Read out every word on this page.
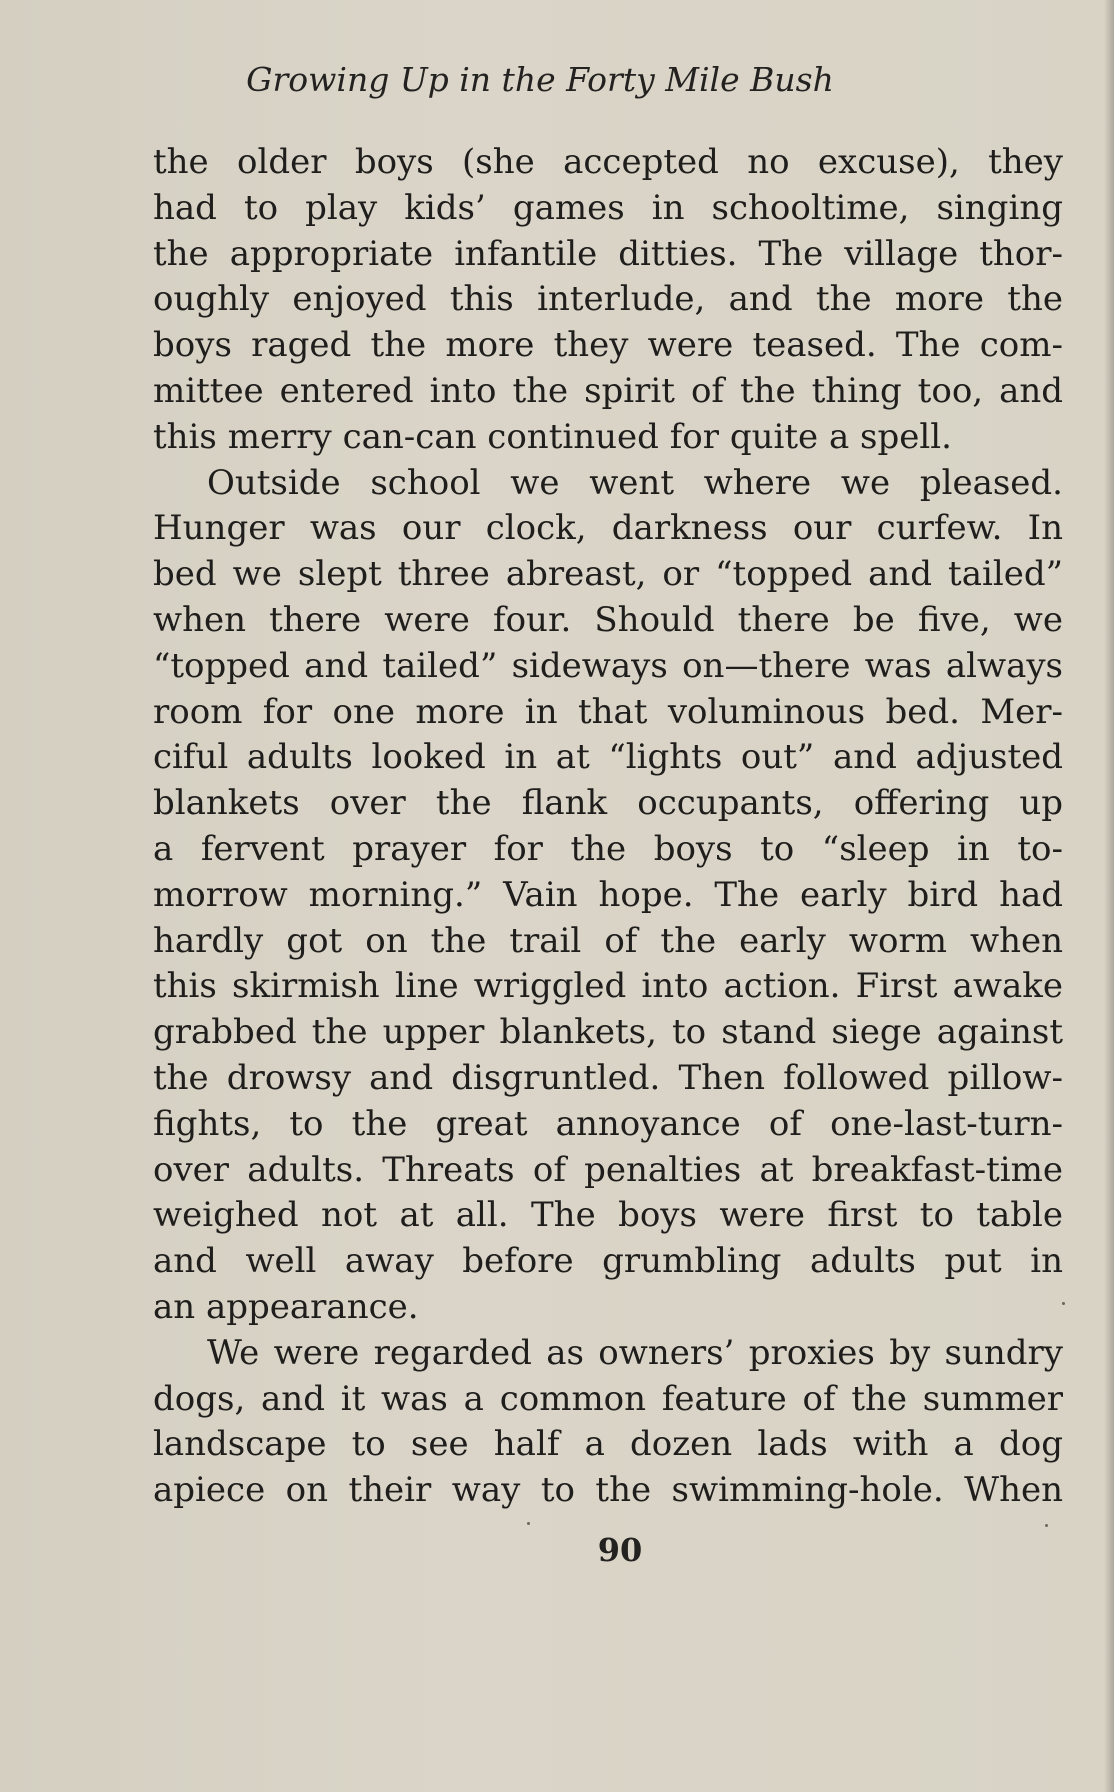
Growing Up in the Forty Mile Bush
the older boys (she accepted no excuse), they
had to play kids’ games in schooltime, singing
the appropriate infantile ditties. The village thor-
oughly enjoyed this interlude, and the more the
boys raged the more they were teased. The com-
mittee entered into the spirit of the thing too, and
this merry can-can continued for quite a spell.
Outside school we went where we pleased.
Hunger was our clock, darkness our curfew. In
bed we slept three abreast, or “topped and tailed”
when there were four. Should there be five, we
“topped and tailed” sideways on—there was always
room for one more in that voluminous bed. Mer-
ciful adults looked in at “lights out” and adjusted
blankets over the flank occupants, offering up
a fervent prayer for the boys to “sleep in to-
morrow morning.” Vain hope. The early bird had
hardly got on the trail of the early worm when
this skirmish line wriggled into action. First awake
grabbed the upper blankets, to stand siege against
the drowsy and disgruntled. Then followed pillow-
fights, to the great annoyance of one-last-turn-
over adults. Threats of penalties at breakfast-time
weighed not at all. The boys were first to table
and well away before grumbling adults put in
an appearance.
We were regarded as owners’ proxies by sundry
dogs, and it was a common feature of the summer
landscape to see half a dozen lads with a dog
apiece on their way to the swimming-hole. When
90
